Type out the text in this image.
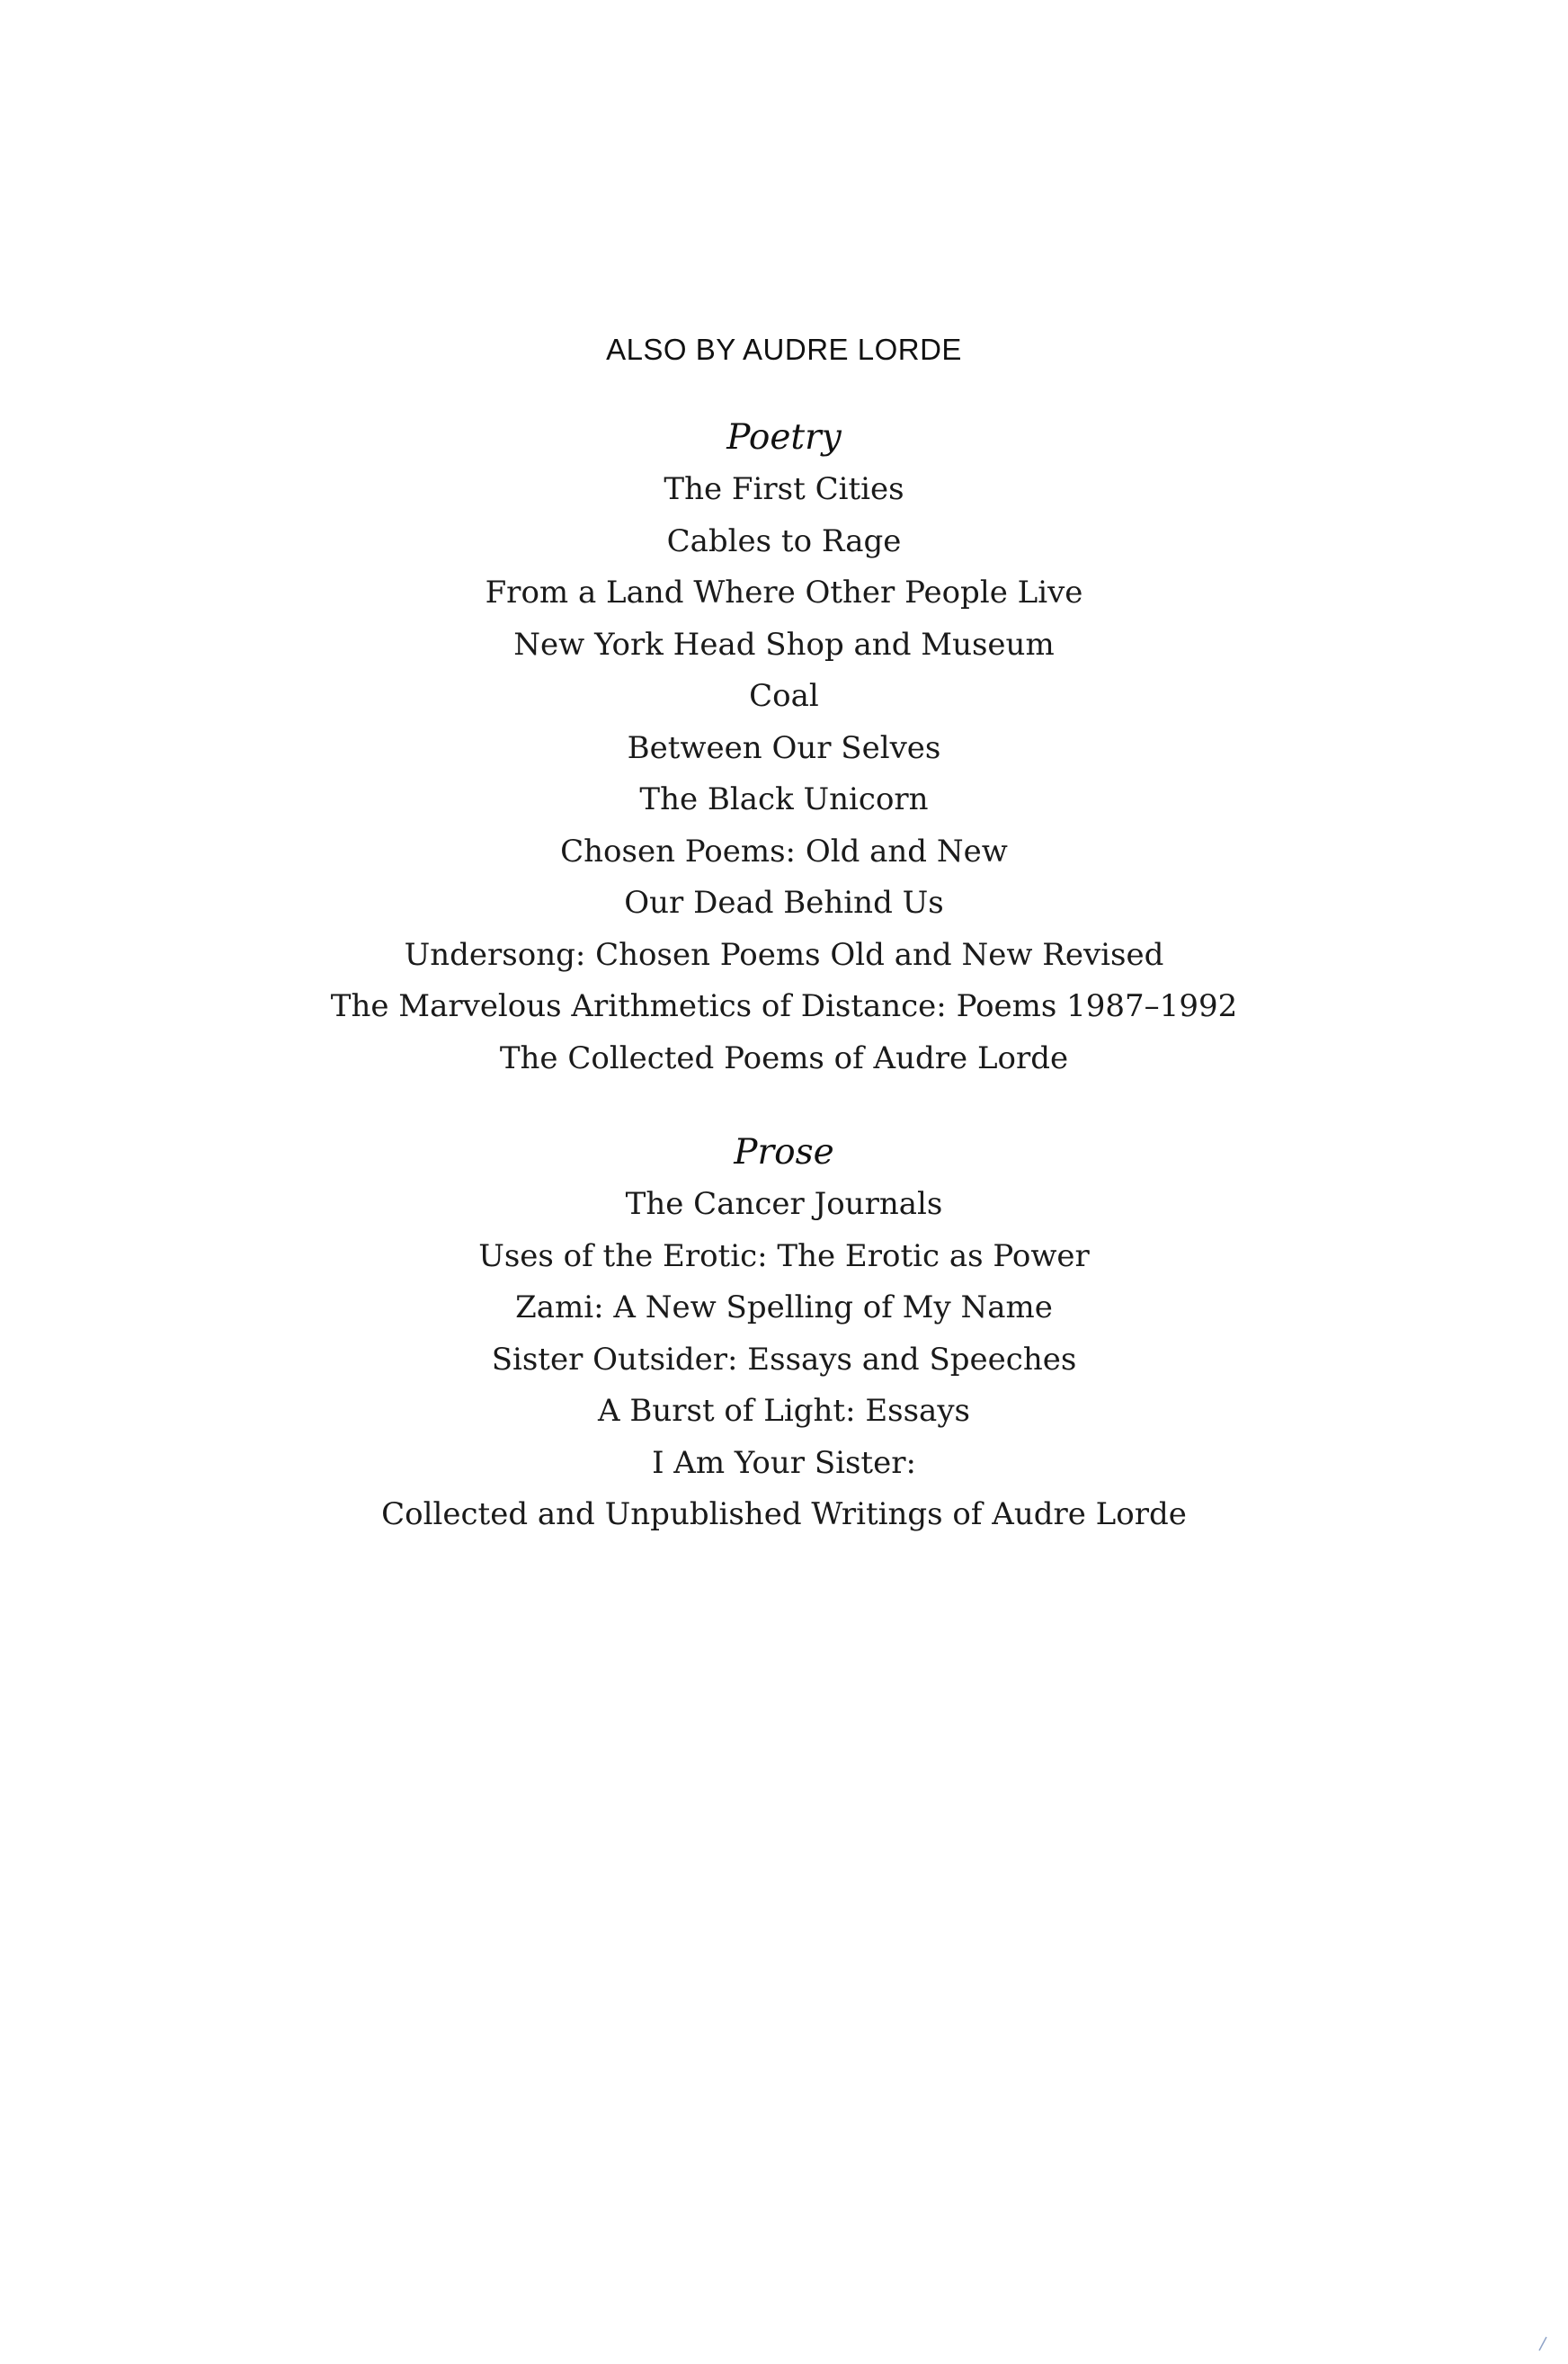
ALSO BY AUDRE LORDE
Poetry
The First Cities
Cables to Rage
From a Land Where Other People Live
New York Head Shop and Museum
Coal
Between Our Selves
The Black Unicorn
Chosen Poems: Old and New
Our Dead Behind Us
Undersong: Chosen Poems Old and New Revised
The Marvelous Arithmetics of Distance: Poems 1987–1992
The Collected Poems of Audre Lorde
Prose
The Cancer Journals
Uses of the Erotic: The Erotic as Power
Zami: A New Spelling of My Name
Sister Outsider: Essays and Speeches
A Burst of Light: Essays
I Am Your Sister:
Collected and Unpublished Writings of Audre Lorde
